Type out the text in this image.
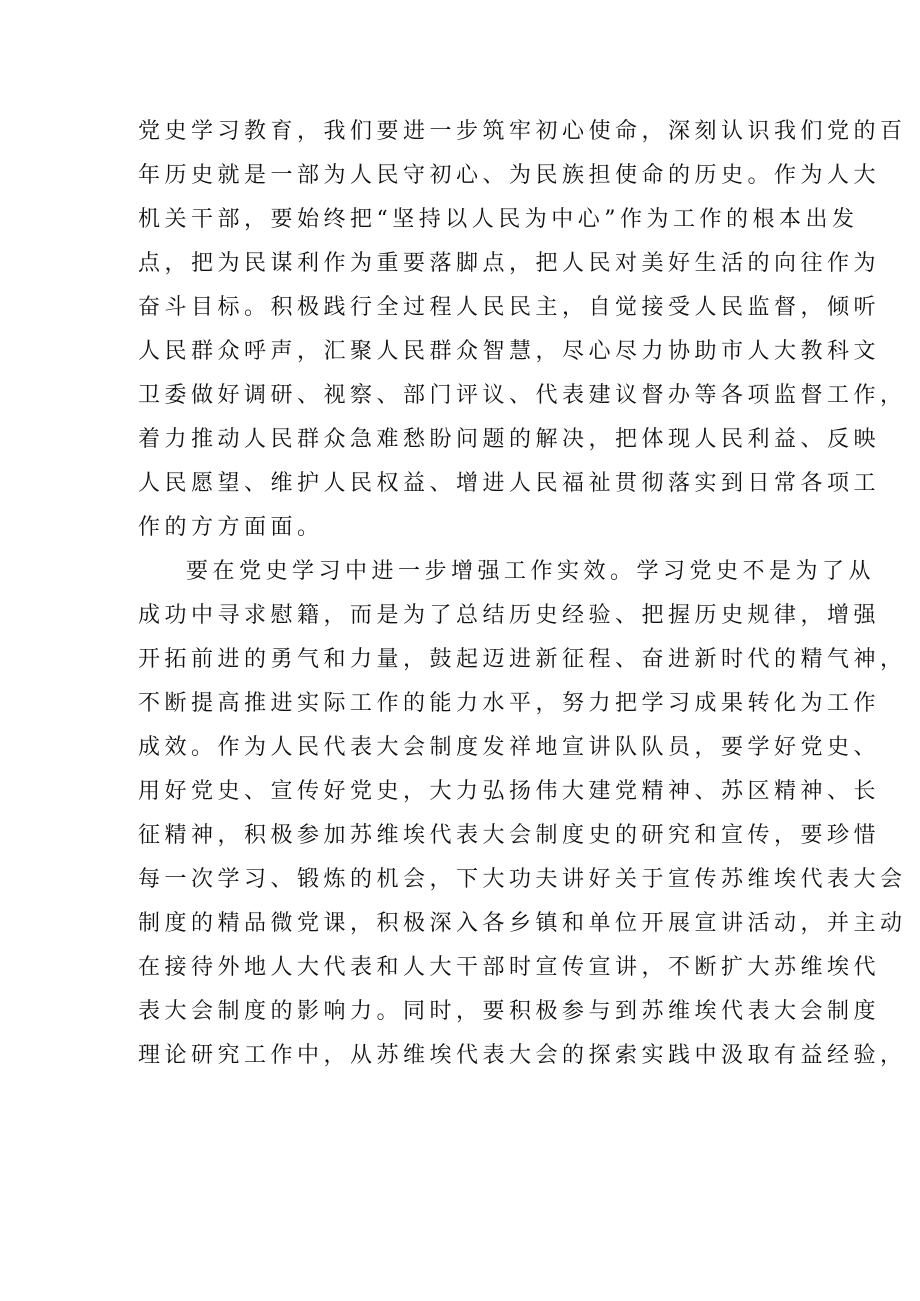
党史学习教育，我们要进一步筑牢初心使命，深刻认识我们党的百
年历史就是一部为人民守初心、为民族担使命的历史。作为人大
机关干部，要始终把“坚持以人民为中心”作为工作的根本出发
点，把为民谋利作为重要落脚点，把人民对美好生活的向往作为
奋斗目标。积极践行全过程人民民主，自觉接受人民监督，倾听
人民群众呼声，汇聚人民群众智慧，尽心尽力协助市人大教科文
卫委做好调研、视察、部门评议、代表建议督办等各项监督工作，
着力推动人民群众急难愁盼问题的解决，把体现人民利益、反映
人民愿望、维护人民权益、增进人民福祉贯彻落实到日常各项工
作的方方面面。
要在党史学习中进一步增强工作实效。学习党史不是为了从
成功中寻求慰籍，而是为了总结历史经验、把握历史规律，增强
开拓前进的勇气和力量，鼓起迈进新征程、奋进新时代的精气神，
不断提高推进实际工作的能力水平，努力把学习成果转化为工作
成效。作为人民代表大会制度发祥地宣讲队队员，要学好党史、
用好党史、宣传好党史，大力弘扬伟大建党精神、苏区精神、长
征精神，积极参加苏维埃代表大会制度史的研究和宣传，要珍惜
每一次学习、锻炼的机会，下大功夫讲好关于宣传苏维埃代表大会
制度的精品微党课，积极深入各乡镇和单位开展宣讲活动，并主动
在接待外地人大代表和人大干部时宣传宣讲，不断扩大苏维埃代
表大会制度的影响力。同时，要积极参与到苏维埃代表大会制度
理论研究工作中，从苏维埃代表大会的探索实践中汲取有益经验，
